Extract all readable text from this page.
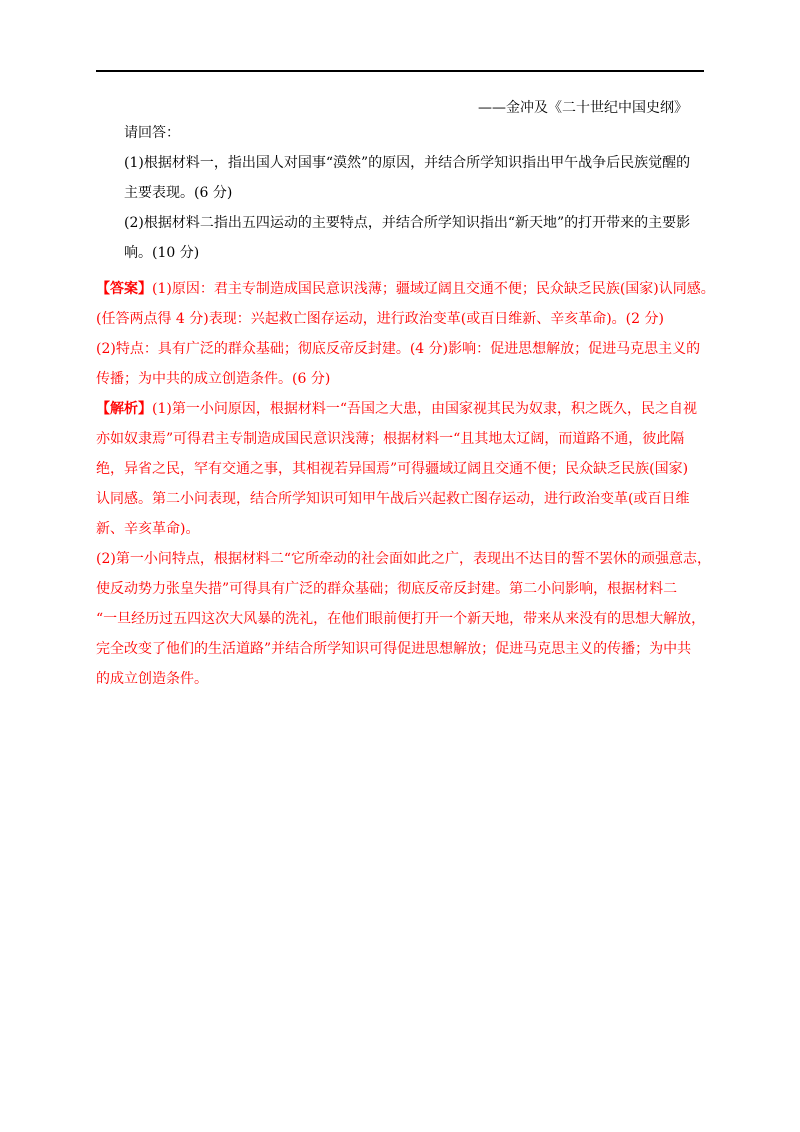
——金冲及《二十世纪中国史纲》
请回答：
(1)根据材料一，指出国人对国事“漠然”的原因，并结合所学知识指出甲午战争后民族觉醒的
主要表现。(6 分)
(2)根据材料二指出五四运动的主要特点，并结合所学知识指出“新天地”的打开带来的主要影
响。(10 分)
【答案】(1)原因：君主专制造成国民意识浅薄；疆域辽阔且交通不便；民众缺乏民族(国家)认同感。
(任答两点得 4 分)表现：兴起救亡图存运动，进行政治变革(或百日维新、辛亥革命)。(2 分)
(2)特点：具有广泛的群众基础；彻底反帝反封建。(4 分)影响：促进思想解放；促进马克思主义的
传播；为中共的成立创造条件。(6 分)
【解析】(1)第一小问原因，根据材料一“吾国之大患，由国家视其民为奴隶，积之既久，民之自视
亦如奴隶焉”可得君主专制造成国民意识浅薄；根据材料一“且其地太辽阔，而道路不通，彼此隔
绝，异省之民，罕有交通之事，其相视若异国焉”可得疆域辽阔且交通不便；民众缺乏民族(国家)
认同感。第二小问表现，结合所学知识可知甲午战后兴起救亡图存运动，进行政治变革(或百日维
新、辛亥革命)。
(2)第一小问特点，根据材料二“它所牵动的社会面如此之广，表现出不达目的誓不罢休的顽强意志，
使反动势力张皇失措”可得具有广泛的群众基础；彻底反帝反封建。第二小问影响，根据材料二
“一旦经历过五四这次大风暴的洗礼，在他们眼前便打开一个新天地，带来从来没有的思想大解放，
完全改变了他们的生活道路”并结合所学知识可得促进思想解放；促进马克思主义的传播；为中共
的成立创造条件。
